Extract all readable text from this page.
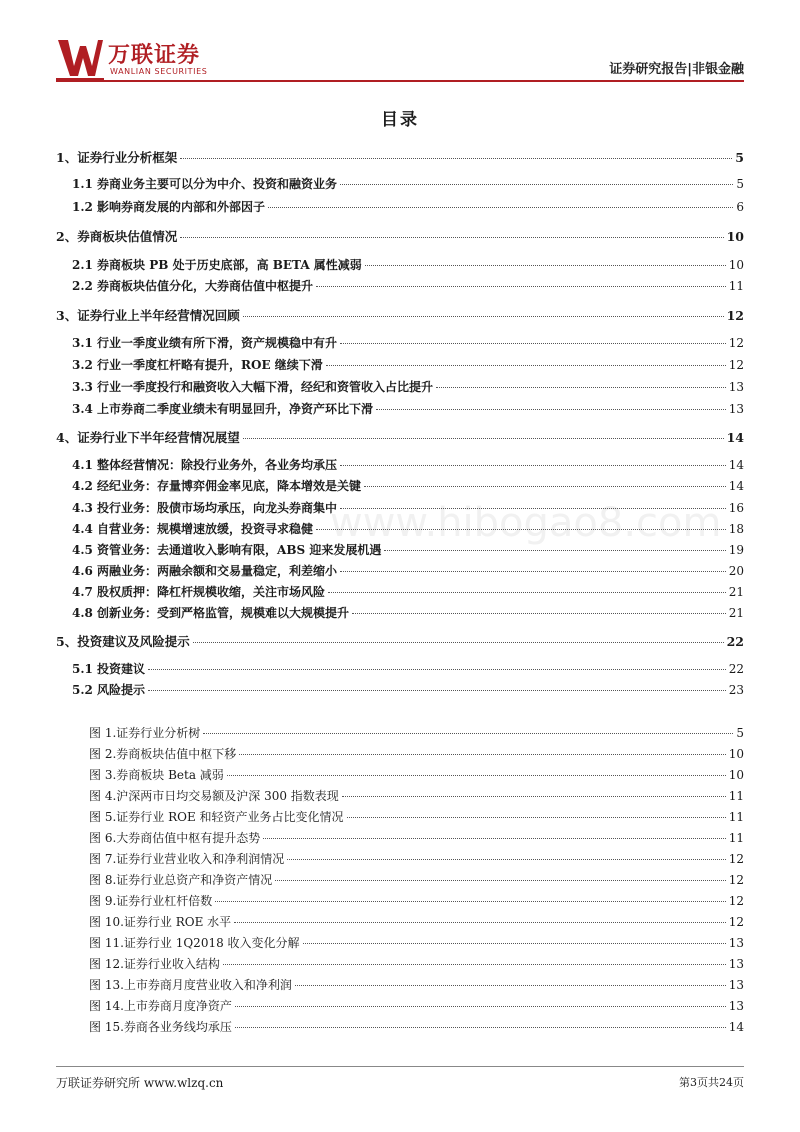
万联证券
WANLIAN SECURITIES	证券研究报告|非银金融
www.hibogao8.com
目录
1、证券行业分析框架	5
1.1 券商业务主要可以分为中介、投资和融资业务	5
1.2 影响券商发展的内部和外部因子	6
2、券商板块估值情况	10
2.1 券商板块 PB 处于历史底部，高 BETA 属性减弱	10
2.2 券商板块估值分化，大券商估值中枢提升	11
3、证券行业上半年经营情况回顾	12
3.1 行业一季度业绩有所下滑，资产规模稳中有升	12
3.2 行业一季度杠杆略有提升，ROE 继续下滑	12
3.3 行业一季度投行和融资收入大幅下滑，经纪和资管收入占比提升	13
3.4 上市券商二季度业绩未有明显回升，净资产环比下滑	13
4、证券行业下半年经营情况展望	14
4.1 整体经营情况：除投行业务外，各业务均承压	14
4.2 经纪业务：存量博弈佣金率见底，降本增效是关键	14
4.3 投行业务：股债市场均承压，向龙头券商集中	16
4.4 自营业务：规模增速放缓，投资寻求稳健	18
4.5 资管业务：去通道收入影响有限，ABS 迎来发展机遇	19
4.6 两融业务：两融余额和交易量稳定，利差缩小	20
4.7 股权质押：降杠杆规模收缩，关注市场风险	21
4.8 创新业务：受到严格监管，规模难以大规模提升	21
5、投资建议及风险提示	22
5.1 投资建议	22
5.2 风险提示	23
图 1.证券行业分析树	5
图 2.券商板块估值中枢下移	10
图 3.券商板块 Beta 减弱	10
图 4.沪深两市日均交易额及沪深 300 指数表现	11
图 5.证券行业 ROE 和轻资产业务占比变化情况	11
图 6.大券商估值中枢有提升态势	11
图 7.证券行业营业收入和净利润情况	12
图 8.证券行业总资产和净资产情况	12
图 9.证券行业杠杆倍数	12
图 10.证券行业 ROE 水平	12
图 11.证券行业 1Q2018 收入变化分解	13
图 12.证券行业收入结构	13
图 13.上市券商月度营业收入和净利润	13
图 14.上市券商月度净资产	13
图 15.券商各业务线均承压	14
万联证券研究所 www.wlzq.cn	第3页共24页
